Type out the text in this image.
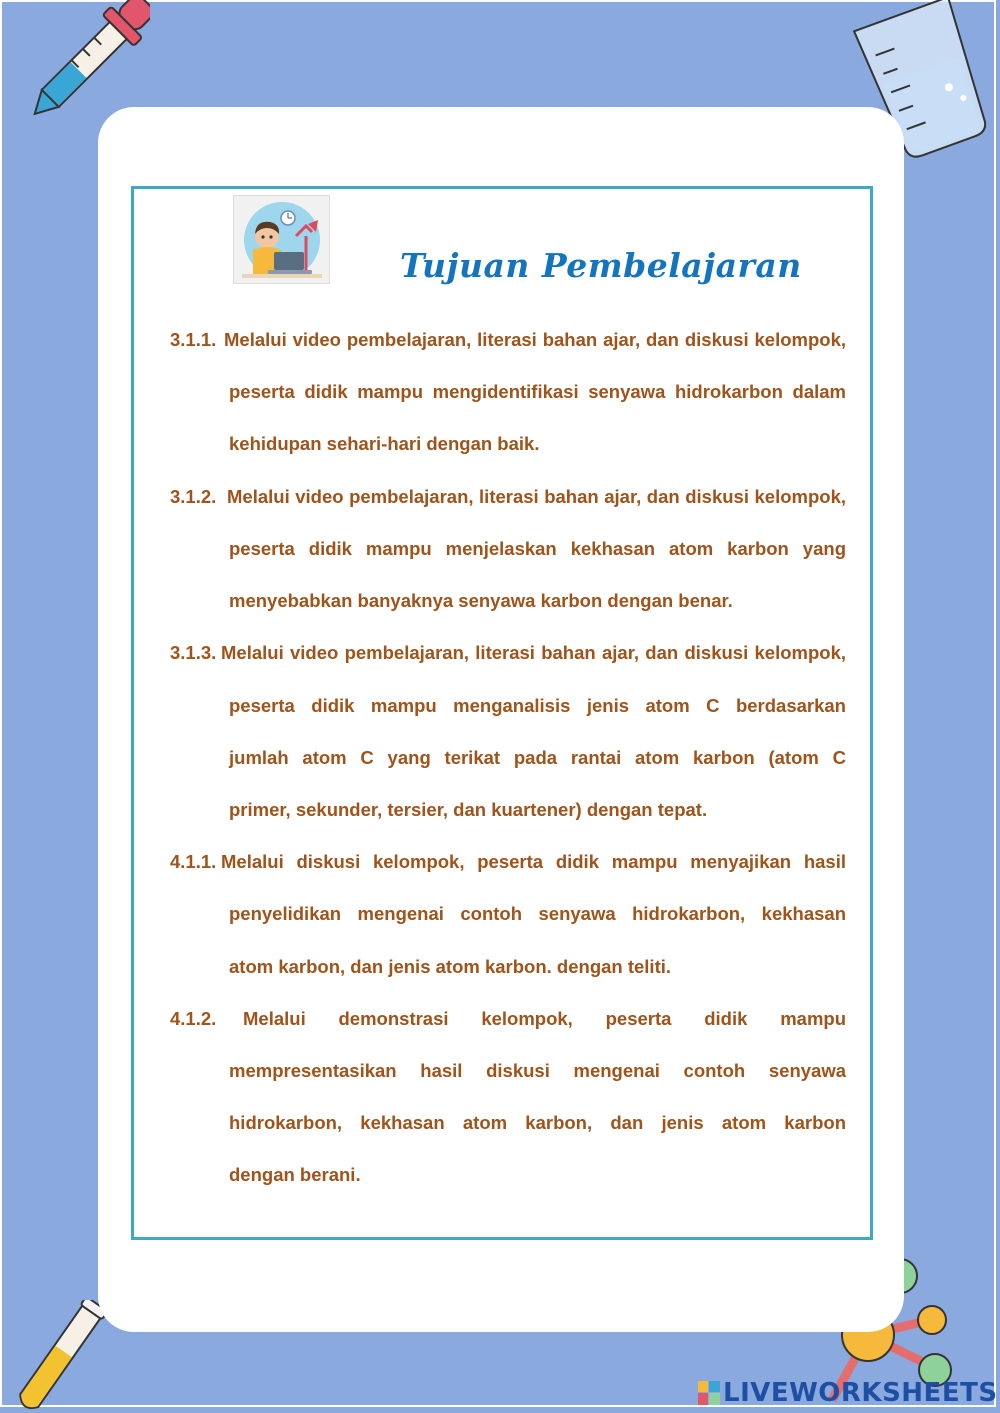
Tujuan Pembelajaran
3.1.1. Melalui video pembelajaran, literasi bahan ajar, dan diskusi kelompok,
peserta didik mampu mengidentifikasi senyawa hidrokarbon dalam
kehidupan sehari-hari dengan baik.
3.1.2. Melalui video pembelajaran, literasi bahan ajar, dan diskusi kelompok,
peserta didik mampu menjelaskan kekhasan atom karbon yang
menyebabkan banyaknya senyawa karbon dengan benar.
3.1.3. Melalui video pembelajaran, literasi bahan ajar, dan diskusi kelompok,
peserta didik mampu menganalisis jenis atom C berdasarkan
jumlah atom C yang terikat pada rantai atom karbon (atom C
primer, sekunder, tersier, dan kuartener) dengan tepat.
4.1.1. Melalui diskusi kelompok, peserta didik mampu menyajikan hasil
penyelidikan mengenai contoh senyawa hidrokarbon, kekhasan
atom karbon, dan jenis atom karbon. dengan teliti.
4.1.2. Melalui demonstrasi kelompok, peserta didik mampu
mempresentasikan hasil diskusi mengenai contoh senyawa
hidrokarbon, kekhasan atom karbon, dan jenis atom karbon
dengan berani.
LIVEWORKSHEETS
